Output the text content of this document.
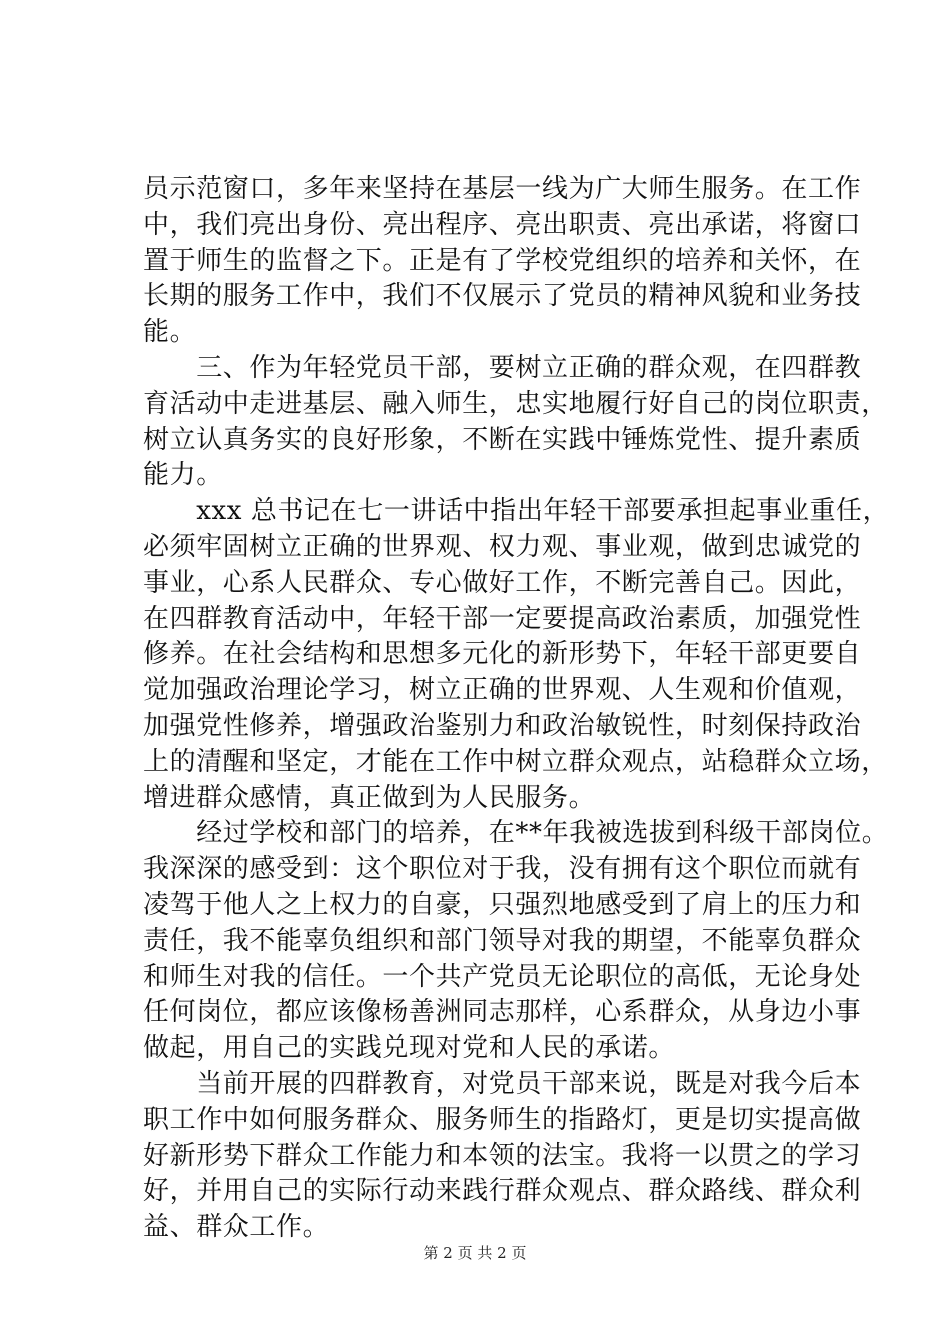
员示范窗口，多年来坚持在基层一线为广大师生服务。在工作
中，我们亮出身份、亮出程序、亮出职责、亮出承诺，将窗口
置于师生的监督之下。正是有了学校党组织的培养和关怀，在
长期的服务工作中，我们不仅展示了党员的精神风貌和业务技
能。
　　三、作为年轻党员干部，要树立正确的群众观，在四群教
育活动中走进基层、融入师生，忠实地履行好自己的岗位职责，
树立认真务实的良好形象，不断在实践中锤炼党性、提升素质
能力。
　　xxx 总书记在七一讲话中指出年轻干部要承担起事业重任，
必须牢固树立正确的世界观、权力观、事业观，做到忠诚党的
事业，心系人民群众、专心做好工作，不断完善自己。因此，
在四群教育活动中，年轻干部一定要提高政治素质，加强党性
修养。在社会结构和思想多元化的新形势下，年轻干部更要自
觉加强政治理论学习，树立正确的世界观、人生观和价值观，
加强党性修养，增强政治鉴别力和政治敏锐性，时刻保持政治
上的清醒和坚定，才能在工作中树立群众观点，站稳群众立场，
增进群众感情，真正做到为人民服务。
　　经过学校和部门的培养，在**年我被选拔到科级干部岗位。
我深深的感受到：这个职位对于我，没有拥有这个职位而就有
凌驾于他人之上权力的自豪，只强烈地感受到了肩上的压力和
责任，我不能辜负组织和部门领导对我的期望，不能辜负群众
和师生对我的信任。一个共产党员无论职位的高低，无论身处
任何岗位，都应该像杨善洲同志那样，心系群众，从身边小事
做起，用自己的实践兑现对党和人民的承诺。
　　当前开展的四群教育，对党员干部来说，既是对我今后本
职工作中如何服务群众、服务师生的指路灯，更是切实提高做
好新形势下群众工作能力和本领的法宝。我将一以贯之的学习
好，并用自己的实际行动来践行群众观点、群众路线、群众利
益、群众工作。
第 2 页 共 2 页
